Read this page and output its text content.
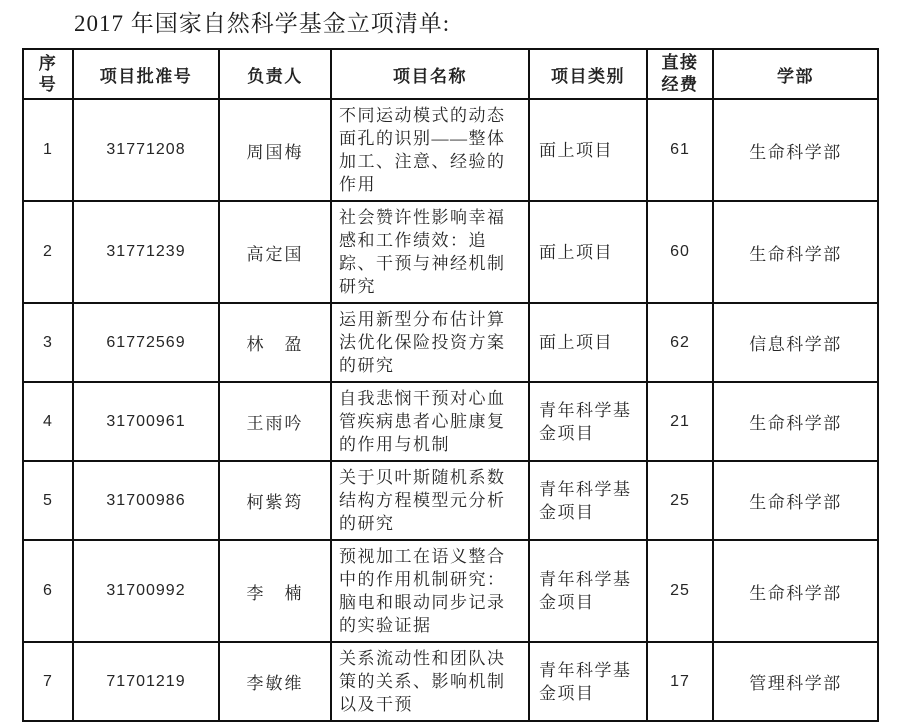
2017 年国家自然科学基金立项清单:
序号	项目批准号	负责人	项目名称	项目类别	直接经费	学部
1	31771208	周国梅	不同运动模式的动态面孔的识别——整体加工、注意、经验的作用	面上项目	61	生命科学部
2	31771239	高定国	社会赞许性影响幸福感和工作绩效：追踪、干预与神经机制研究	面上项目	60	生命科学部
3	61772569	林　盈	运用新型分布估计算法优化保险投资方案的研究	面上项目	62	信息科学部
4	31700961	王雨吟	自我悲悯干预对心血管疾病患者心脏康复的作用与机制	青年科学基金项目	21	生命科学部
5	31700986	柯紫筠	关于贝叶斯随机系数结构方程模型元分析的研究	青年科学基金项目	25	生命科学部
6	31700992	李　楠	预视加工在语义整合中的作用机制研究：脑电和眼动同步记录的实验证据	青年科学基金项目	25	生命科学部
7	71701219	李敏维	关系流动性和团队决策的关系、影响机制以及干预	青年科学基金项目	17	管理科学部
